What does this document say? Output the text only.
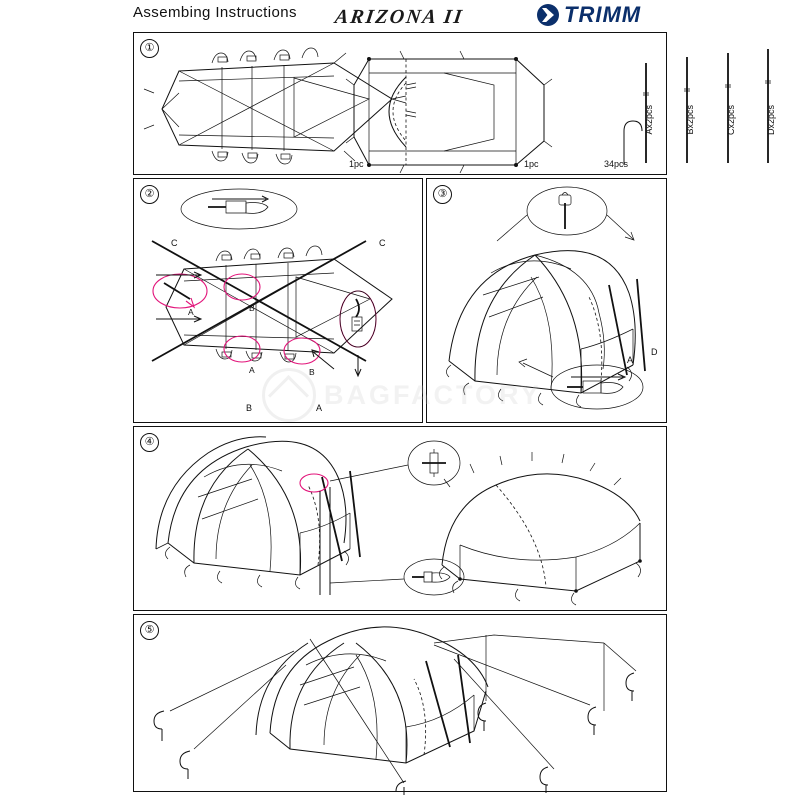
Assembing Instructions ARIZONA II	TRIMM
①
1pc	1pc	34pcs
Ax2pcs	Bx2pcs	Cx2pcs	Dx2pcs
②
C	C
B	A
A	B
A	B
③
A
D
④
⑤
BAGFACTORY
